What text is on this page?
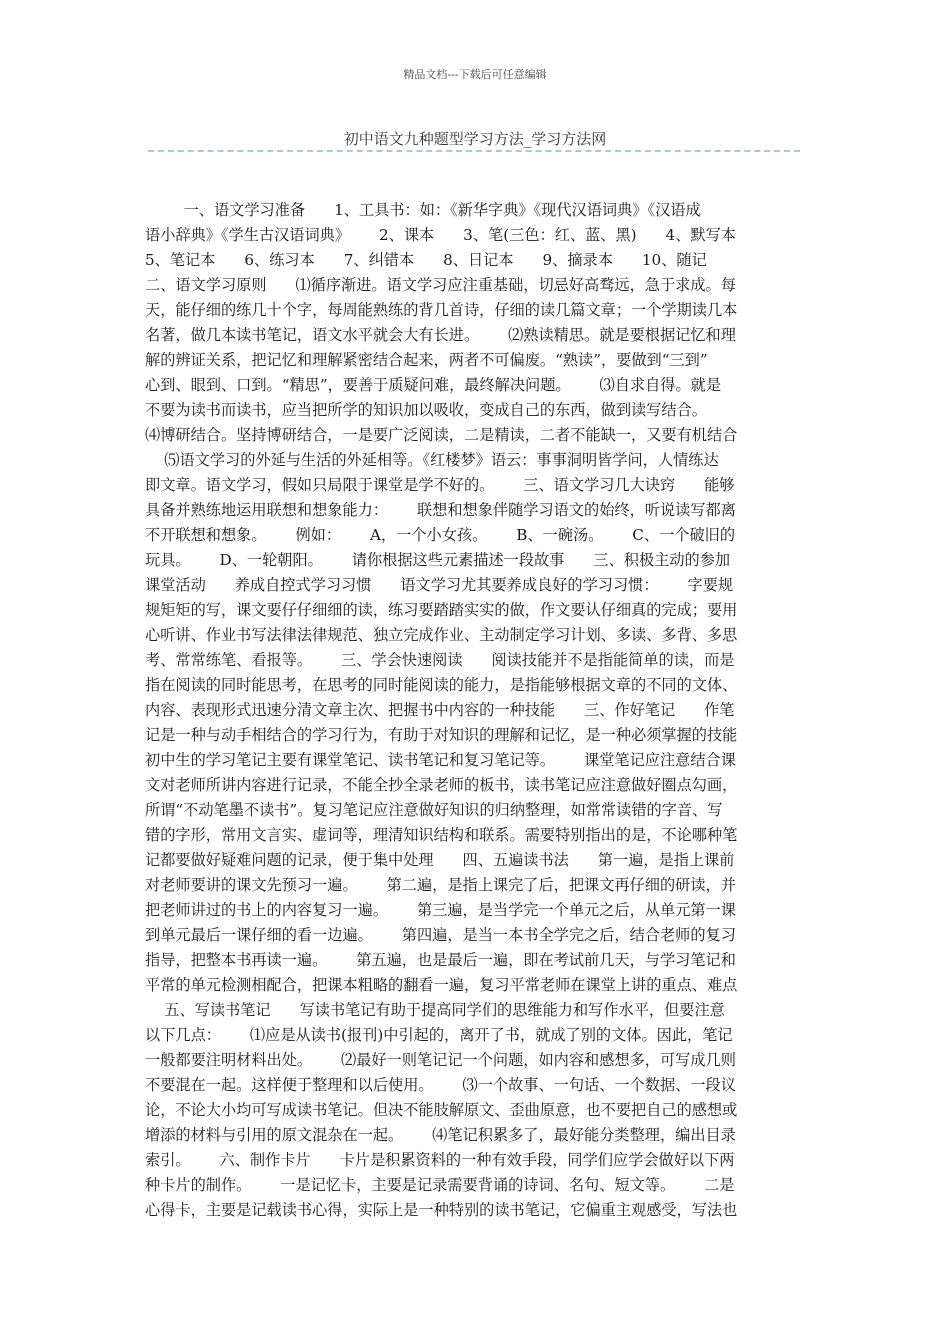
精品文档---下载后可任意编辑
初中语文九种题型学习方法_学习方法网
一、语文学习准备      1、工具书：如：《新华字典》《现代汉语词典》《汉语成
语小辞典》《学生古汉语词典》      2、课本      3、笔(三色：红、蓝、黑)      4、默写本
5、笔记本      6、练习本      7、纠错本      8、日记本      9、摘录本      10、随记
二、语文学习原则      ⑴循序渐进。语文学习应注重基础，切忌好高骛远，急于求成。每
天，能仔细的练几十个字，每周能熟练的背几首诗，仔细的读几篇文章；一个学期读几本
名著，做几本读书笔记，语文水平就会大有长进。      ⑵熟读精思。就是要根据记忆和理
解的辨证关系，把记忆和理解紧密结合起来，两者不可偏废。“熟读”，要做到“三到”
心到、眼到、口到。“精思”，要善于质疑问难，最终解决问题。      ⑶自求自得。就是
不要为读书而读书，应当把所学的知识加以吸收，变成自己的东西，做到读写结合。
⑷博研结合。坚持博研结合，一是要广泛阅读，二是精读，二者不能缺一，又要有机结合
⑸语文学习的外延与生活的外延相等。《红楼梦》语云：事事洞明皆学问，人情练达
即文章。语文学习，假如只局限于课堂是学不好的。      三、语文学习几大诀窍      能够
具备并熟练地运用联想和想象能力：      联想和想象伴随学习语文的始终，听说读写都离
不开联想和想象。      例如：      A，一个小女孩。      B、一碗汤。      C、一个破旧的
玩具。      D、一轮朝阳。      请你根据这些元素描述一段故事      三、积极主动的参加
课堂活动      养成自控式学习习惯      语文学习尤其要养成良好的学习习惯：      字要规
规矩矩的写，课文要仔仔细细的读，练习要踏踏实实的做，作文要认仔细真的完成；要用
心听讲、作业书写法律法律规范、独立完成作业、主动制定学习计划、多读、多背、多思
考、常常练笔、看报等。      三、学会快速阅读      阅读技能并不是指能简单的读，而是
指在阅读的同时能思考，在思考的同时能阅读的能力，是指能够根据文章的不同的文体、
内容、表现形式迅速分清文章主次、把握书中内容的一种技能      三、作好笔记      作笔
记是一种与动手相结合的学习行为，有助于对知识的理解和记忆，是一种必须掌握的技能
初中生的学习笔记主要有课堂笔记、读书笔记和复习笔记等。      课堂笔记应注意结合课
文对老师所讲内容进行记录，不能全抄全录老师的板书，读书笔记应注意做好圈点勾画，
所谓“不动笔墨不读书”。复习笔记应注意做好知识的归纳整理，如常常读错的字音、写
错的字形，常用文言实、虚词等，理清知识结构和联系。需要特别指出的是，不论哪种笔
记都要做好疑难问题的记录，便于集中处理      四、五遍读书法      第一遍，是指上课前
对老师要讲的课文先预习一遍。      第二遍，是指上课完了后，把课文再仔细的研读，并
把老师讲过的书上的内容复习一遍。      第三遍，是当学完一个单元之后，从单元第一课
到单元最后一课仔细的看一边遍。      第四遍，是当一本书全学完之后，结合老师的复习
指导，把整本书再读一遍。      第五遍，也是最后一遍，即在考试前几天，与学习笔记和
平常的单元检测相配合，把课本粗略的翻看一遍，复习平常老师在课堂上讲的重点、难点
五、写读书笔记      写读书笔记有助于提高同学们的思维能力和写作水平，但要注意
以下几点：      ⑴应是从读书(报刊)中引起的，离开了书，就成了别的文体。因此，笔记
一般都要注明材料出处。      ⑵最好一则笔记记一个问题，如内容和感想多，可写成几则
不要混在一起。这样便于整理和以后使用。      ⑶一个故事、一句话、一个数据、一段议
论，不论大小均可写成读书笔记。但决不能肢解原文、歪曲原意，也不要把自己的感想或
增添的材料与引用的原文混杂在一起。      ⑷笔记积累多了，最好能分类整理，编出目录
索引。      六、制作卡片      卡片是积累资料的一种有效手段，同学们应学会做好以下两
种卡片的制作。      一是记忆卡，主要是记录需要背诵的诗词、名句、短文等。      二是
心得卡，主要是记载读书心得，实际上是一种特别的读书笔记，它偏重主观感受，写法也
